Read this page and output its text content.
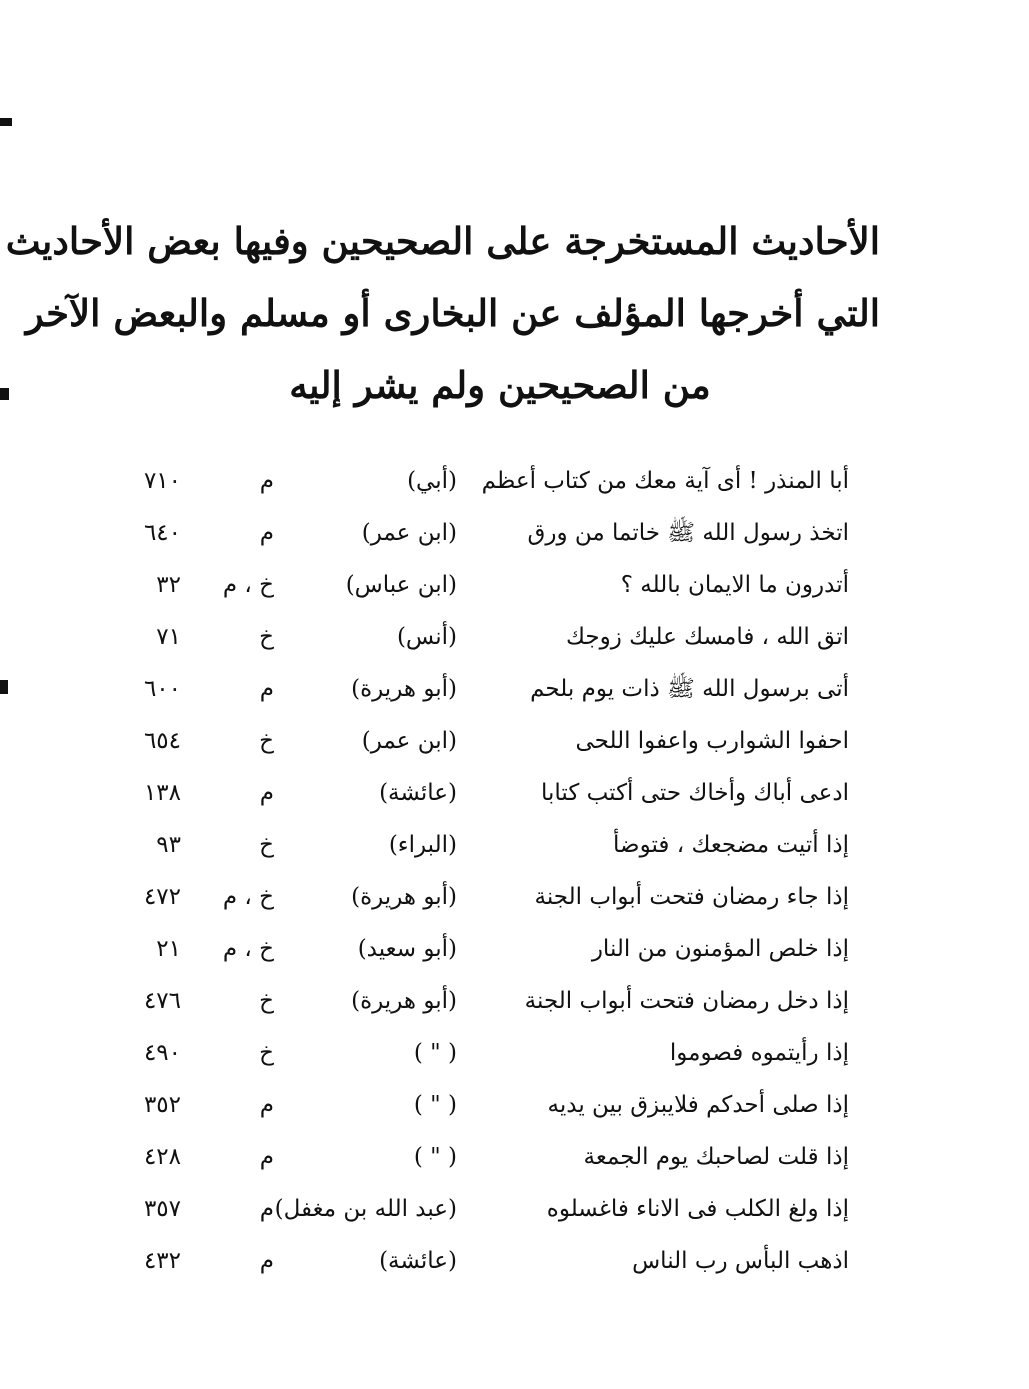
الأحاديث المستخرجة على الصحيحين وفيها بعض الأحاديث
التي أخرجها المؤلف عن البخارى أو مسلم والبعض الآخر
من الصحيحين ولم يشر إليه
أبا المنذر ! أى آية معك من كتاب أعظم
(أبي)
م
٧١٠
اتخذ رسول الله ﷺ خاتما من ورق
(ابن عمر)
م
٦٤٠
أتدرون ما الايمان بالله ؟
(ابن عباس)
خ ، م
٣٢
اتق الله ، فامسك عليك زوجك
(أنس)
خ
٧١
أتى برسول الله ﷺ ذات يوم بلحم
(أبو هريرة)
م
٦٠٠
احفوا الشوارب واعفوا اللحى
(ابن عمر)
خ
٦٥٤
ادعى أباك وأخاك حتى أكتب كتابا
(عائشة)
م
١٣٨
إذا أتيت مضجعك ، فتوضأ
(البراء)
خ
٩٣
إذا جاء رمضان فتحت أبواب الجنة
(أبو هريرة)
خ ، م
٤٧٢
إذا خلص المؤمنون من النار
(أبو سعيد)
خ ، م
٢١
إذا دخل رمضان فتحت أبواب الجنة
(أبو هريرة)
خ
٤٧٦
إذا رأيتموه فصوموا
( " )
خ
٤٩٠
إذا صلى أحدكم فلايبزق بين يديه
( " )
م
٣٥٢
إذا قلت لصاحبك يوم الجمعة
( " )
م
٤٢٨
إذا ولغ الكلب فى الاناء فاغسلوه
(عبد الله بن مغفل)
م
٣٥٧
اذهب البأس رب الناس
(عائشة)
م
٤٣٢
